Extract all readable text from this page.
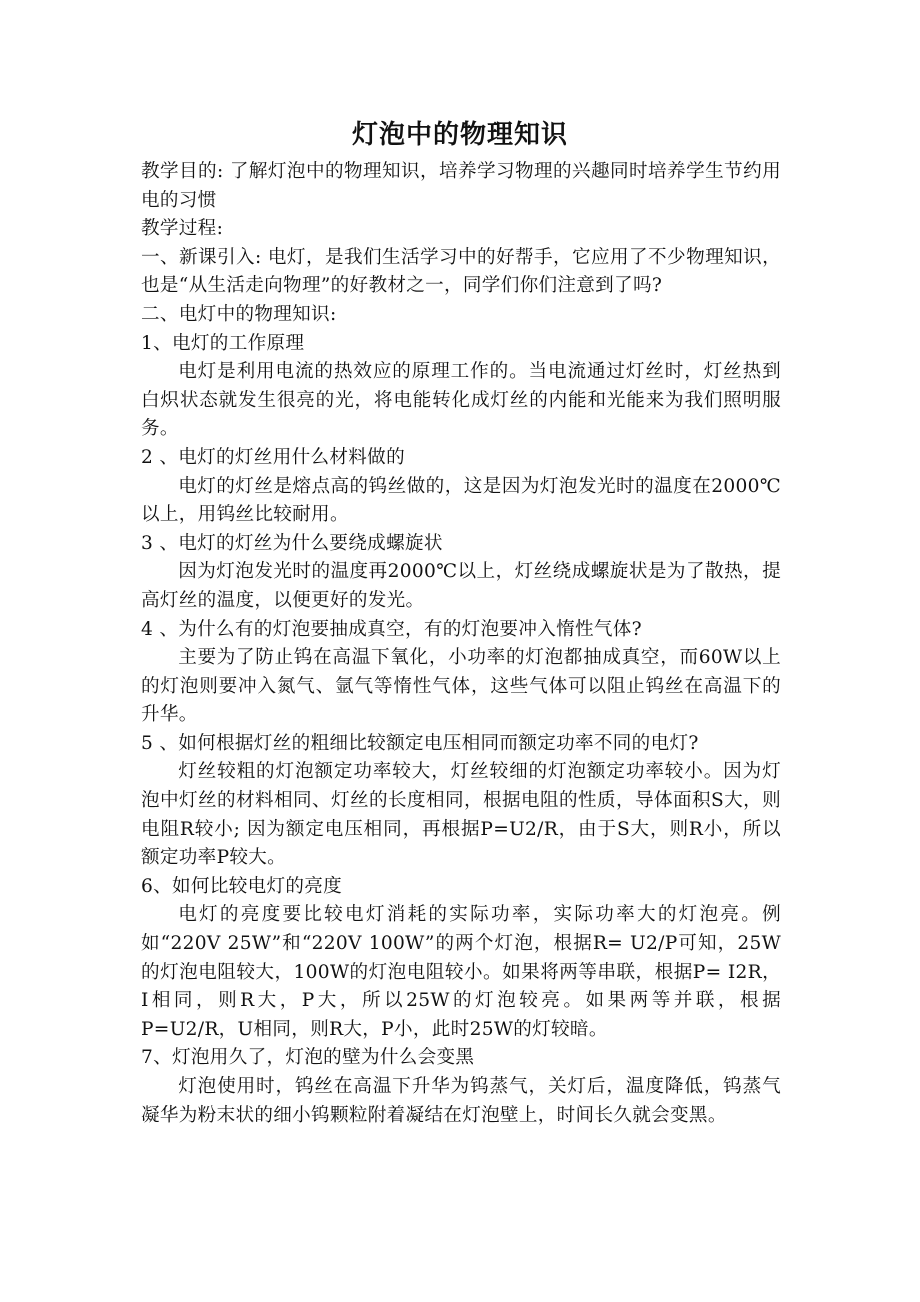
灯泡中的物理知识

教学目的: 了解灯泡中的物理知识，培养学习物理的兴趣同时培养学生节约用电的习惯

教学过程:

一、新课引入: 电灯，是我们生活学习中的好帮手，它应用了不少物理知识，也是“从生活走向物理”的好教材之一，同学们你们注意到了吗?

二、电灯中的物理知识:

1、电灯的工作原理

电灯是利用电流的热效应的原理工作的。当电流通过灯丝时，灯丝热到白炽状态就发生很亮的光，将电能转化成灯丝的内能和光能来为我们照明服务。

2 、电灯的灯丝用什么材料做的

电灯的灯丝是熔点高的钨丝做的，这是因为灯泡发光时的温度在2000℃以上，用钨丝比较耐用。

3 、电灯的灯丝为什么要绕成螺旋状

因为灯泡发光时的温度再2000℃以上，灯丝绕成螺旋状是为了散热，提高灯丝的温度，以便更好的发光。

4 、为什么有的灯泡要抽成真空，有的灯泡要冲入惰性气体?

主要为了防止钨在高温下氧化，小功率的灯泡都抽成真空，而60W以上的灯泡则要冲入氮气、氩气等惰性气体，这些气体可以阻止钨丝在高温下的升华。

5 、如何根据灯丝的粗细比较额定电压相同而额定功率不同的电灯?

灯丝较粗的灯泡额定功率较大，灯丝较细的灯泡额定功率较小。因为灯泡中灯丝的材料相同、灯丝的长度相同，根据电阻的性质，导体面积S大，则电阻R较小; 因为额定电压相同，再根据P=U2/R，由于S大，则R小，所以额定功率P较大。

6、如何比较电灯的亮度

电灯的亮度要比较电灯消耗的实际功率，实际功率大的灯泡亮。例如“220V 25W”和“220V 100W”的两个灯泡，根据R= U2/P可知，25W的灯泡电阻较大，100W的灯泡电阻较小。如果将两等串联，根据P= I2R，I相同，则R大，P大，所以25W的灯泡较亮。如果两等并联，根据P=U2/R，U相同，则R大，P小，此时25W的灯较暗。

7、灯泡用久了，灯泡的壁为什么会变黑

灯泡使用时，钨丝在高温下升华为钨蒸气，关灯后，温度降低，钨蒸气凝华为粉末状的细小钨颗粒附着凝结在灯泡壁上，时间长久就会变黑。
